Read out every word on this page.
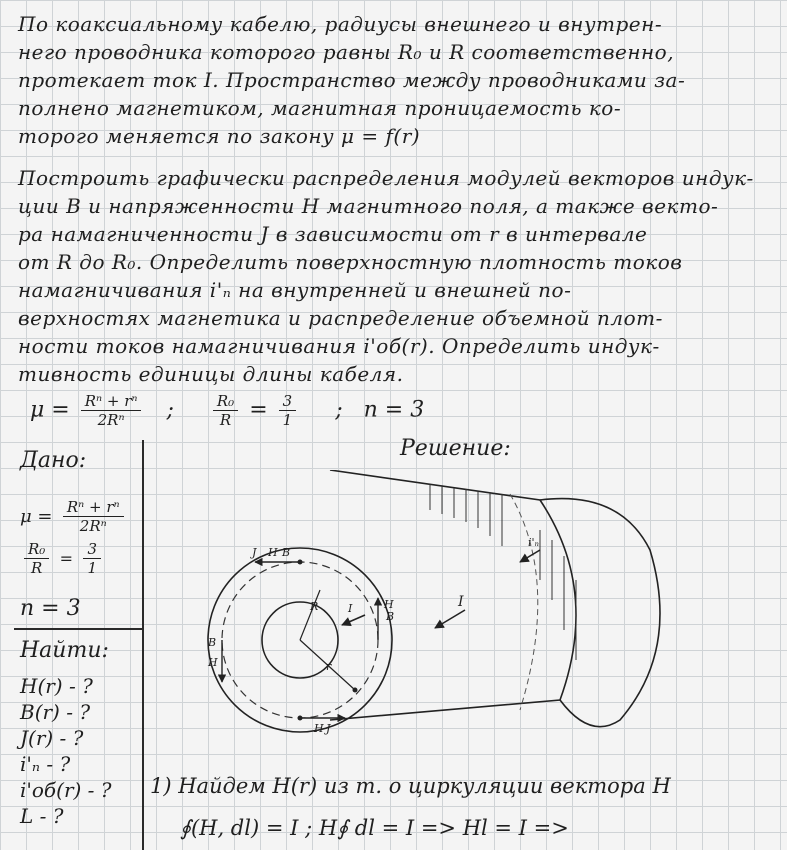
По коаксиальному кабелю, радиусы внешнего и внутрен-
него проводника которого равны R₀ и R соответственно,
протекает ток I. Пространство между проводниками за-
полнено магнетиком, магнитная проницаемость ко-
торого меняется по закону μ = f(r)
Построить графически распределения модулей векторов индук-
ции B и напряженности H магнитного поля, а также векто-
ра намагниченности J в зависимости от r в интервале
от R до R₀. Определить поверхностную плотность токов
намагничивания i'ₙ на внутренней и внешней по-
верхностях магнетика и распределение объемной плот-
ности токов намагничивания i'об(r). Определить индук-
тивность единицы длины кабеля.
$\mu = \frac{\text{Rⁿ + rⁿ}}{\text{2Rⁿ}}$ ;	$\frac{\text{R₀}}{R} = \frac{3}{1}$ ; n = 3
Дано:
$\mu = \frac{\text{Rⁿ + rⁿ}}{\text{2Rⁿ}}$
$\frac{\text{R₀}}{R} = \frac{3}{1}$
n = 3
Найти:
H(r) - ?
B(r) - ?
J(r) - ?
i'ₙ - ?
i'об(r) - ?
L - ?
Решение:
I	I
R
r
H B
J
H J
B
H
B
H
i'ₙ
1) Найдем H(r) из т. о циркуляции вектора H
∮(H, dl) = I ; H∮ dl = I => Hl = I =>
